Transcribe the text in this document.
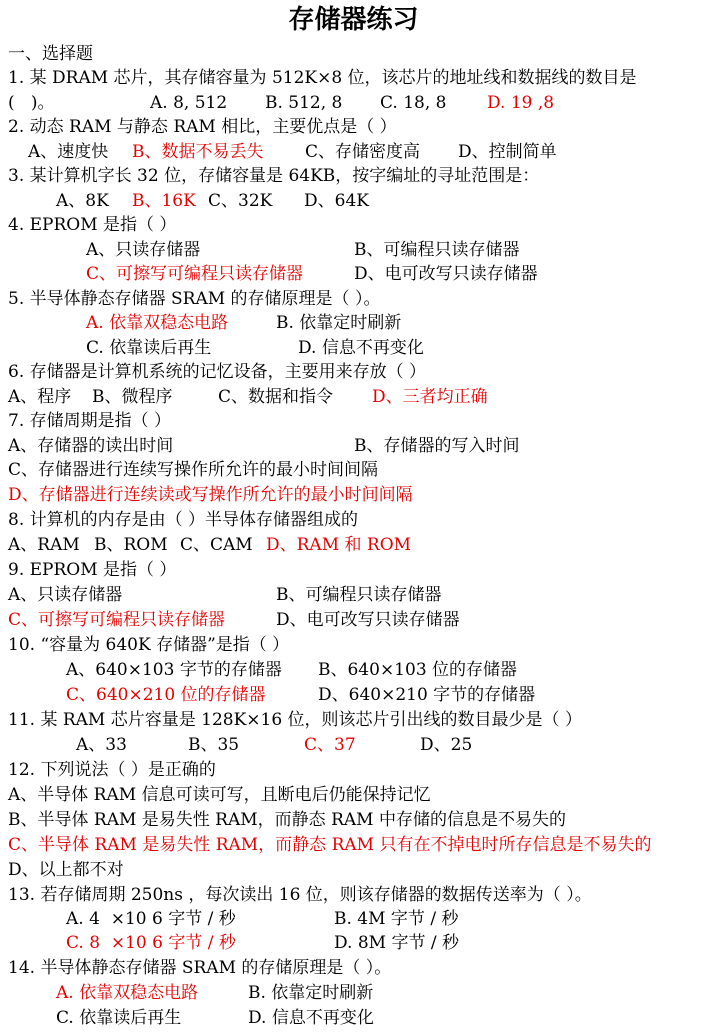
存储器练习
一、选择题
1. 某 DRAM 芯片，其存储容量为 512K×8 位，该芯片的地址线和数据线的数目是
(   )。	A. 8, 512 B. 512, 8 C. 18, 8 D. 19 ,8
2. 动态 RAM 与静态 RAM 相比，主要优点是（ ）
A、速度快 B、数据不易丢失 C、存储密度高 D、控制简单
3. 某计算机字长 32 位，存储容量是 64KB，按字编址的寻址范围是：
A、8K B、16K C、32K D、64K
4. EPROM 是指（ ）
A、只读存储器	B、可编程只读存储器
C、可擦写可编程只读存储器	D、电可改写只读存储器
5. 半导体静态存储器 SRAM 的存储原理是（ ）。
A. 依靠双稳态电路	B. 依靠定时刷新
C. 依靠读后再生	D. 信息不再变化
6. 存储器是计算机系统的记忆设备，主要用来存放（ ）
A、程序 B、微程序	C、数据和指令 D、三者均正确
7. 存储周期是指（ ）
A、存储器的读出时间	B、存储器的写入时间
C、存储器进行连续写操作所允许的最小时间间隔
D、存储器进行连续读或写操作所允许的最小时间间隔
8. 计算机的内存是由（ ）半导体存储器组成的
A、RAM B、ROM C、CAM D、RAM 和 ROM
9. EPROM 是指（ ）
A、只读存储器	B、可编程只读存储器
C、可擦写可编程只读存储器	D、电可改写只读存储器
10. “容量为 640K 存储器”是指（ ）
A、640×103 字节的存储器 B、640×103 位的存储器
C、640×210 位的存储器	D、640×210 字节的存储器
11. 某 RAM 芯片容量是 128K×16 位，则该芯片引出线的数目最少是（ ）
A、33	B、35	C、37	D、25
12. 下列说法（ ）是正确的
A、半导体 RAM 信息可读可写，且断电后仍能保持记忆
B、半导体 RAM 是易失性 RAM，而静态 RAM 中存储的信息是不易失的
C、半导体 RAM 是易失性 RAM，而静态 RAM 只有在不掉电时所存信息是不易失的
D、以上都不对
13. 若存储周期 250ns ，每次读出 16 位，则该存储器的数据传送率为（ ）。
A. 4  ×10 6 字节 / 秒	B. 4M 字节 / 秒
C. 8  ×10 6 字节 / 秒	D. 8M 字节 / 秒
14. 半导体静态存储器 SRAM 的存储原理是（ ）。
A. 依靠双稳态电路	B. 依靠定时刷新
C. 依靠读后再生	D. 信息不再变化
